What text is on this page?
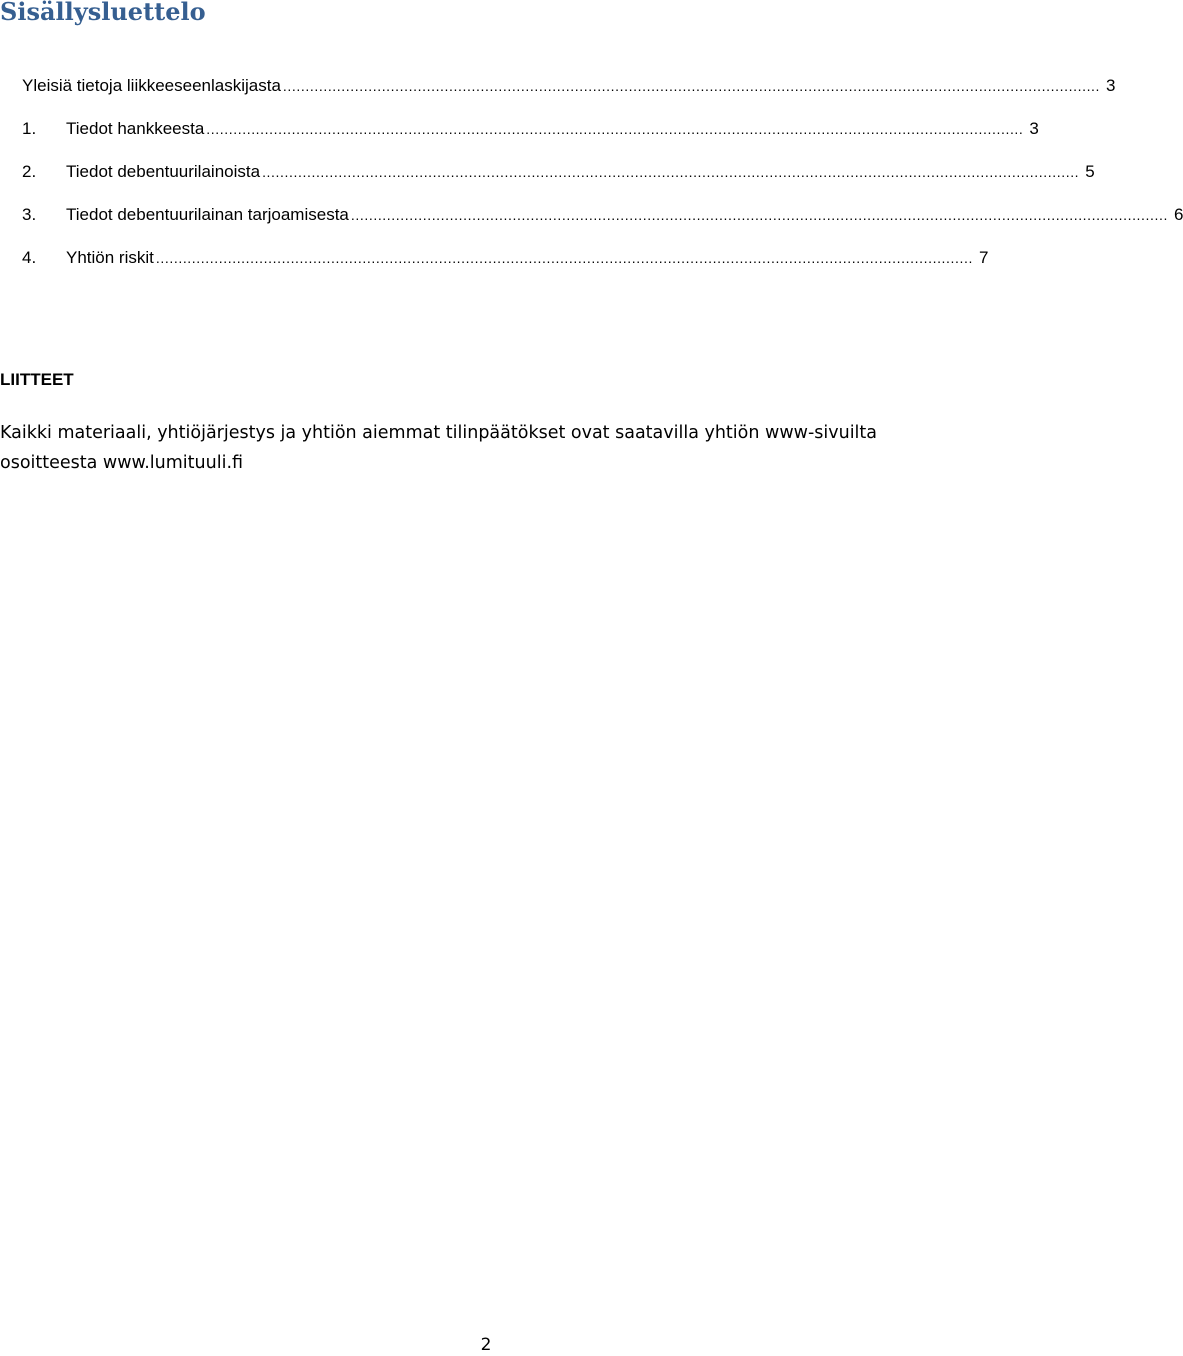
Sisällysluettelo
Yleisiä tietoja liikkeeseenlaskijasta ...................................................................................................................................................................................... 3
1. Tiedot hankkeesta ...................................................................................................................................................................................... 3
2. Tiedot debentuurilainoista ...................................................................................................................................................................................... 5
3. Tiedot debentuurilainan tarjoamisesta ...................................................................................................................................................................................... 6
4. Yhtiön riskit ...................................................................................................................................................................................... 7
LIITTEET

Kaikki materiaali, yhtiöjärjestys ja yhtiön aiemmat tilinpäätökset ovat saatavilla yhtiön www-sivuilta osoitteesta www.lumituuli.fi

2
